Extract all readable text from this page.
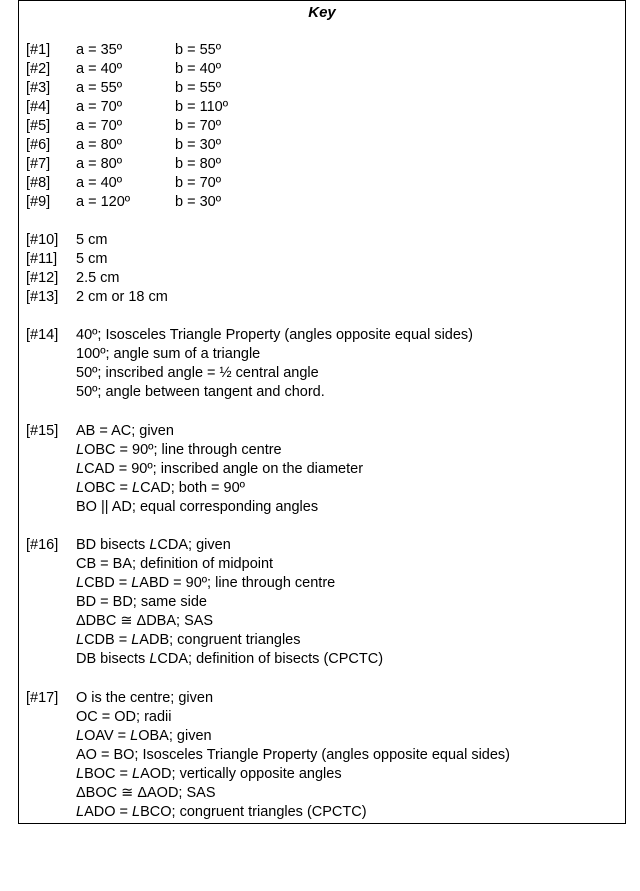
Key
[#1] a = 35º	b = 55º
[#2] a = 40º	b = 40º
[#3] a = 55º	b = 55º
[#4] a = 70º	b = 110º
[#5] a = 70º	b = 70º
[#6] a = 80º	b = 30º
[#7] a = 80º	b = 80º
[#8] a = 40º	b = 70º
[#9] a = 120º	b = 30º
[#10] 5 cm
[#11] 5 cm
[#12] 2.5 cm
[#13] 2 cm or 18 cm
[#14] 40º; Isosceles Triangle Property (angles opposite equal sides)
100º; angle sum of a triangle
50º; inscribed angle = ½ central angle
50º; angle between tangent and chord.
[#15] AB = AC; given
LOBC = 90º; line through centre
LCAD = 90º; inscribed angle on the diameter
LOBC = LCAD; both = 90º
BO || AD; equal corresponding angles
[#16] BD bisects LCDA; given
CB = BA; definition of midpoint
LCBD = LABD = 90º; line through centre
BD = BD; same side
ΔDBC ≅ ΔDBA; SAS
LCDB = LADB; congruent triangles
DB bisects LCDA; definition of bisects (CPCTC)
[#17] O is the centre; given
OC = OD; radii
LOAV = LOBA; given
AO = BO; Isosceles Triangle Property (angles opposite equal sides)
LBOC = LAOD; vertically opposite angles
ΔBOC ≅ ΔAOD; SAS
LADO = LBCO; congruent triangles (CPCTC)
